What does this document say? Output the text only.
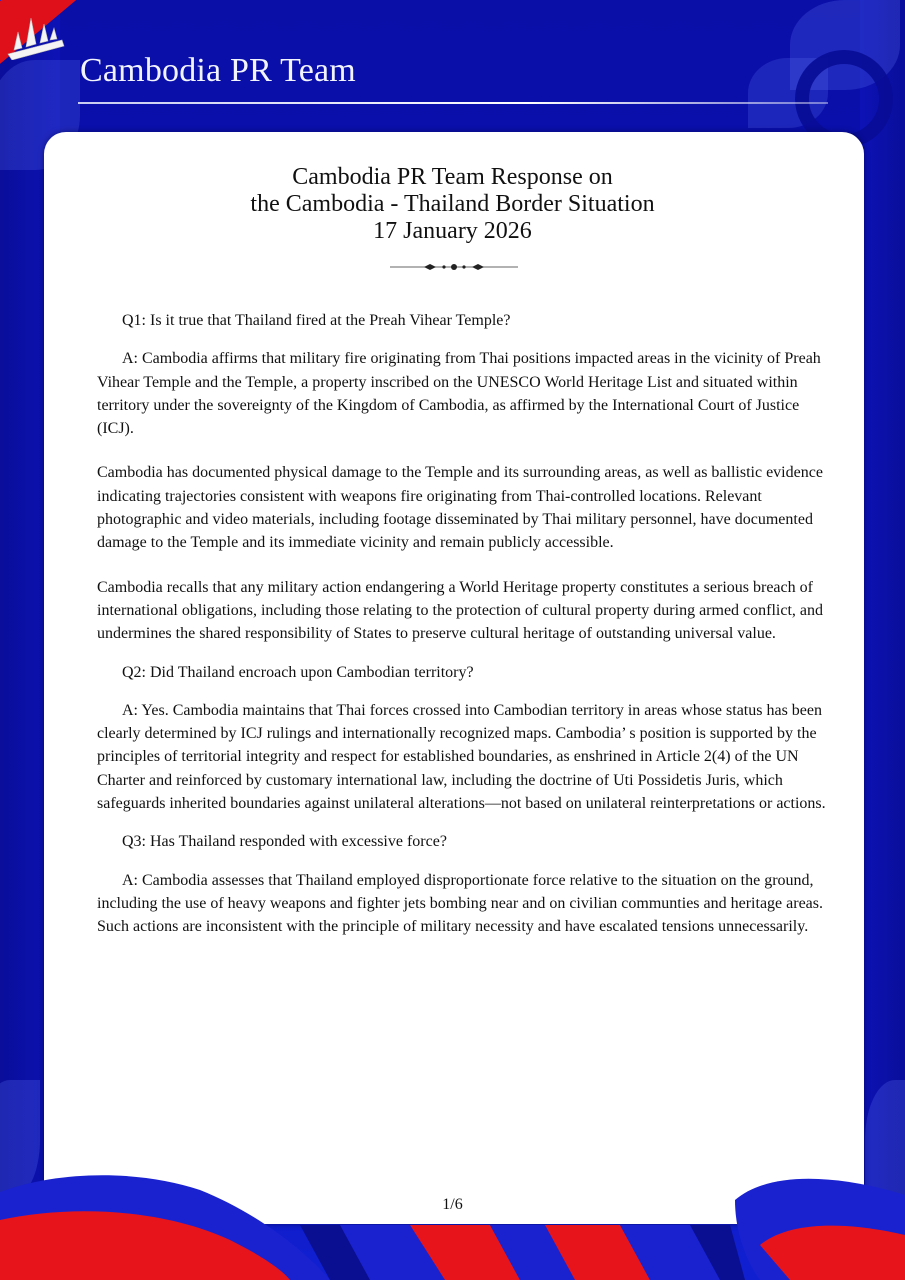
Cambodia PR Team
Cambodia PR Team Response on
the Cambodia - Thailand Border Situation
17 January 2026

Q1: Is it true that Thailand fired at the Preah Vihear Temple?

A: Cambodia affirms that military fire originating from Thai positions impacted areas in the vicinity of Preah Vihear Temple and the Temple, a property inscribed on the UNESCO World Heritage List and situated within territory under the sovereignty of the Kingdom of Cambodia, as affirmed by the International Court of Justice (ICJ).

Cambodia has documented physical damage to the Temple and its surrounding areas, as well as ballistic evidence indicating trajectories consistent with weapons fire originating from Thai-controlled locations. Relevant photographic and video materials, including footage disseminated by Thai military personnel, have documented damage to the Temple and its immediate vicinity and remain publicly accessible.

Cambodia recalls that any military action endangering a World Heritage property constitutes a serious breach of international obligations, including those relating to the protection of cultural property during armed conflict, and undermines the shared responsibility of States to preserve cultural heritage of outstanding universal value.

Q2: Did Thailand encroach upon Cambodian territory?

A: Yes. Cambodia maintains that Thai forces crossed into Cambodian territory in areas whose status has been clearly determined by ICJ rulings and internationally recognized maps. Cambodia’ s position is supported by the principles of territorial integrity and respect for established boundaries, as enshrined in Article 2(4) of the UN Charter and reinforced by customary international law, including the doctrine of Uti Possidetis Juris, which safeguards inherited boundaries against unilateral alterations—not based on unilateral reinterpretations or actions.

Q3: Has Thailand responded with excessive force?

A: Cambodia assesses that Thailand employed disproportionate force relative to the situation on the ground, including the use of heavy weapons and fighter jets bombing near and on civilian communties and heritage areas. Such actions are inconsistent with the principle of military necessity and have escalated tensions unnecessarily.

1/6
